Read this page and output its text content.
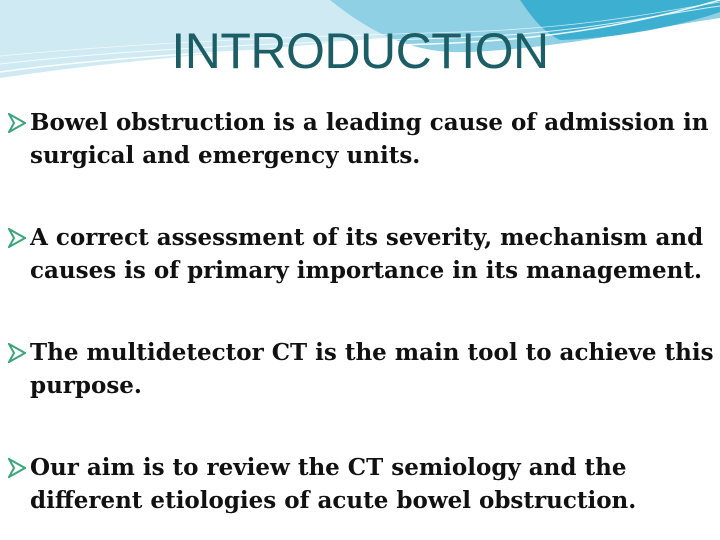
INTRODUCTION
Bowel obstruction is a leading cause of admission in surgical and emergency units.
A correct assessment of its severity, mechanism and causes is of primary importance in its management.
The multidetector CT is the main tool to achieve this purpose.
Our aim is to review the CT semiology and the different etiologies of acute bowel obstruction.
